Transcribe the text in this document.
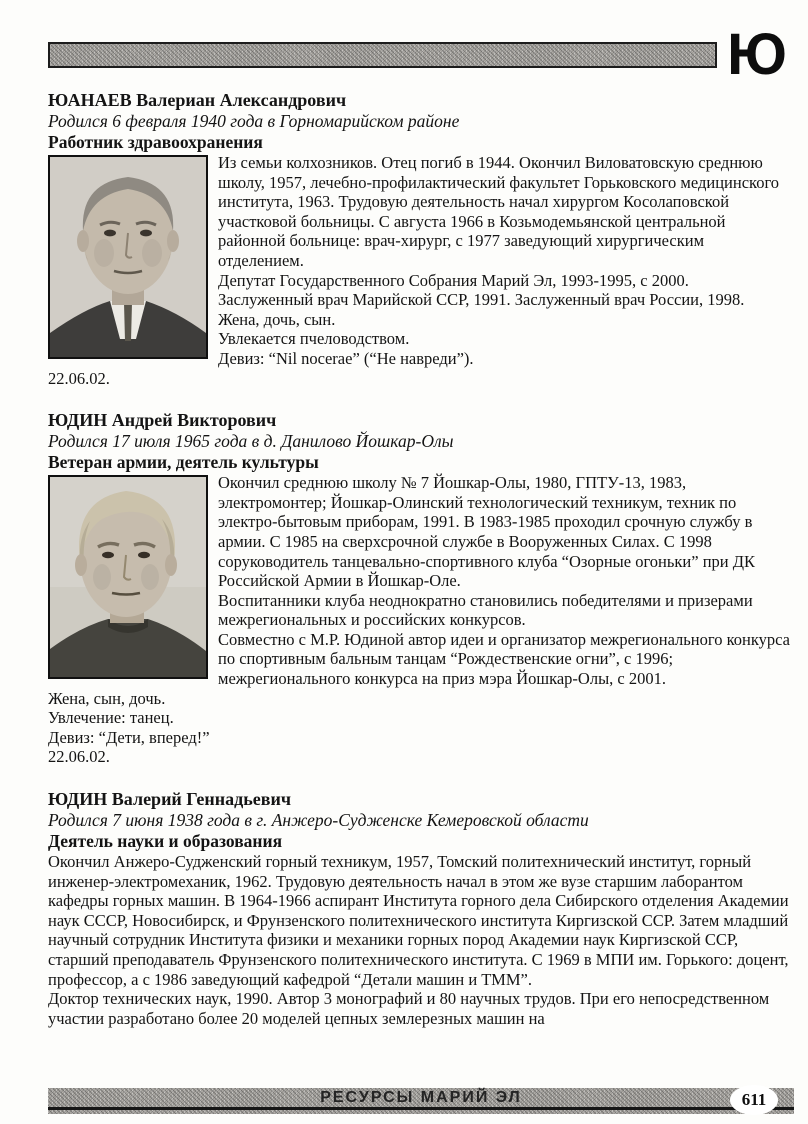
Ю

ЮАНАЕВ Валериан Александрович

Родился 6 февраля 1940 года в Горномарийском районе

Работник здравоохранения

Из семьи колхозников. Отец погиб в 1944. Окончил Виловатовскую среднюю школу, 1957, лечебно-профилактический факультет Горьковского медицинского института, 1963. Трудовую деятельность начал хирургом Косолаповской участковой больницы. С августа 1966 в Козьмодемьянской центральной районной больнице: врач-хирург, с 1977 заведующий хирургическим отделением.

Депутат Государственного Собрания Марий Эл, 1993-1995, с 2000.

Заслуженный врач Марийской ССР, 1991. Заслуженный врач России, 1998.

Жена, дочь, сын.

Увлекается пчеловодством.

Девиз: “Nil nocerae” (“Не навреди”).

22.06.02.

ЮДИН Андрей Викторович

Родился 17 июля 1965 года в д. Данилово Йошкар-Олы

Ветеран армии, деятель культуры

Окончил среднюю школу № 7 Йошкар-Олы, 1980, ГПТУ-13, 1983, электромонтер; Йошкар-Олинский технологический техникум, техник по электро-бытовым приборам, 1991. В 1983-1985 проходил срочную службу в армии. С 1985 на сверхсрочной службе в Вооруженных Силах. С 1998 соруководитель танцевально-спортивного клуба “Озорные огоньки” при ДК Российской Армии в Йошкар-Оле.

Воспитанники клуба неоднократно становились победителями и призерами межрегиональных и российских конкурсов.

Совместно с М.Р. Юдиной автор идеи и организатор межрегионального конкурса по спортивным бальным танцам “Рождественские огни”, с 1996; межрегионального конкурса на приз мэра Йошкар-Олы, с 2001.

Жена, сын, дочь.

Увлечение: танец.

Девиз: “Дети, вперед!”

22.06.02.

ЮДИН Валерий Геннадьевич

Родился 7 июня 1938 года в г. Анжеро-Судженске Кемеровской области

Деятель науки и образования

Окончил Анжеро-Судженский горный техникум, 1957, Томский политехнический институт, горный инженер-электромеханик, 1962. Трудовую деятельность начал в этом же вузе старшим лаборантом кафедры горных машин. В 1964-1966 аспирант Института горного дела Сибирского отделения Академии наук СССР, Новосибирск, и Фрунзенского политехнического института Киргизской ССР. Затем младший научный сотрудник Института физики и механики горных пород Академии наук Киргизской ССР, старший преподаватель Фрунзенского политехнического института. С 1969 в МПИ им. Горького: доцент, профессор, а с 1986 заведующий кафедрой “Детали машин и ТММ”.

Доктор технических наук, 1990. Автор 3 монографий и 80 научных трудов. При его непосредственном участии разработано более 20 моделей цепных землерезных машин на

РЕСУРСЫ МАРИЙ ЭЛ	611
